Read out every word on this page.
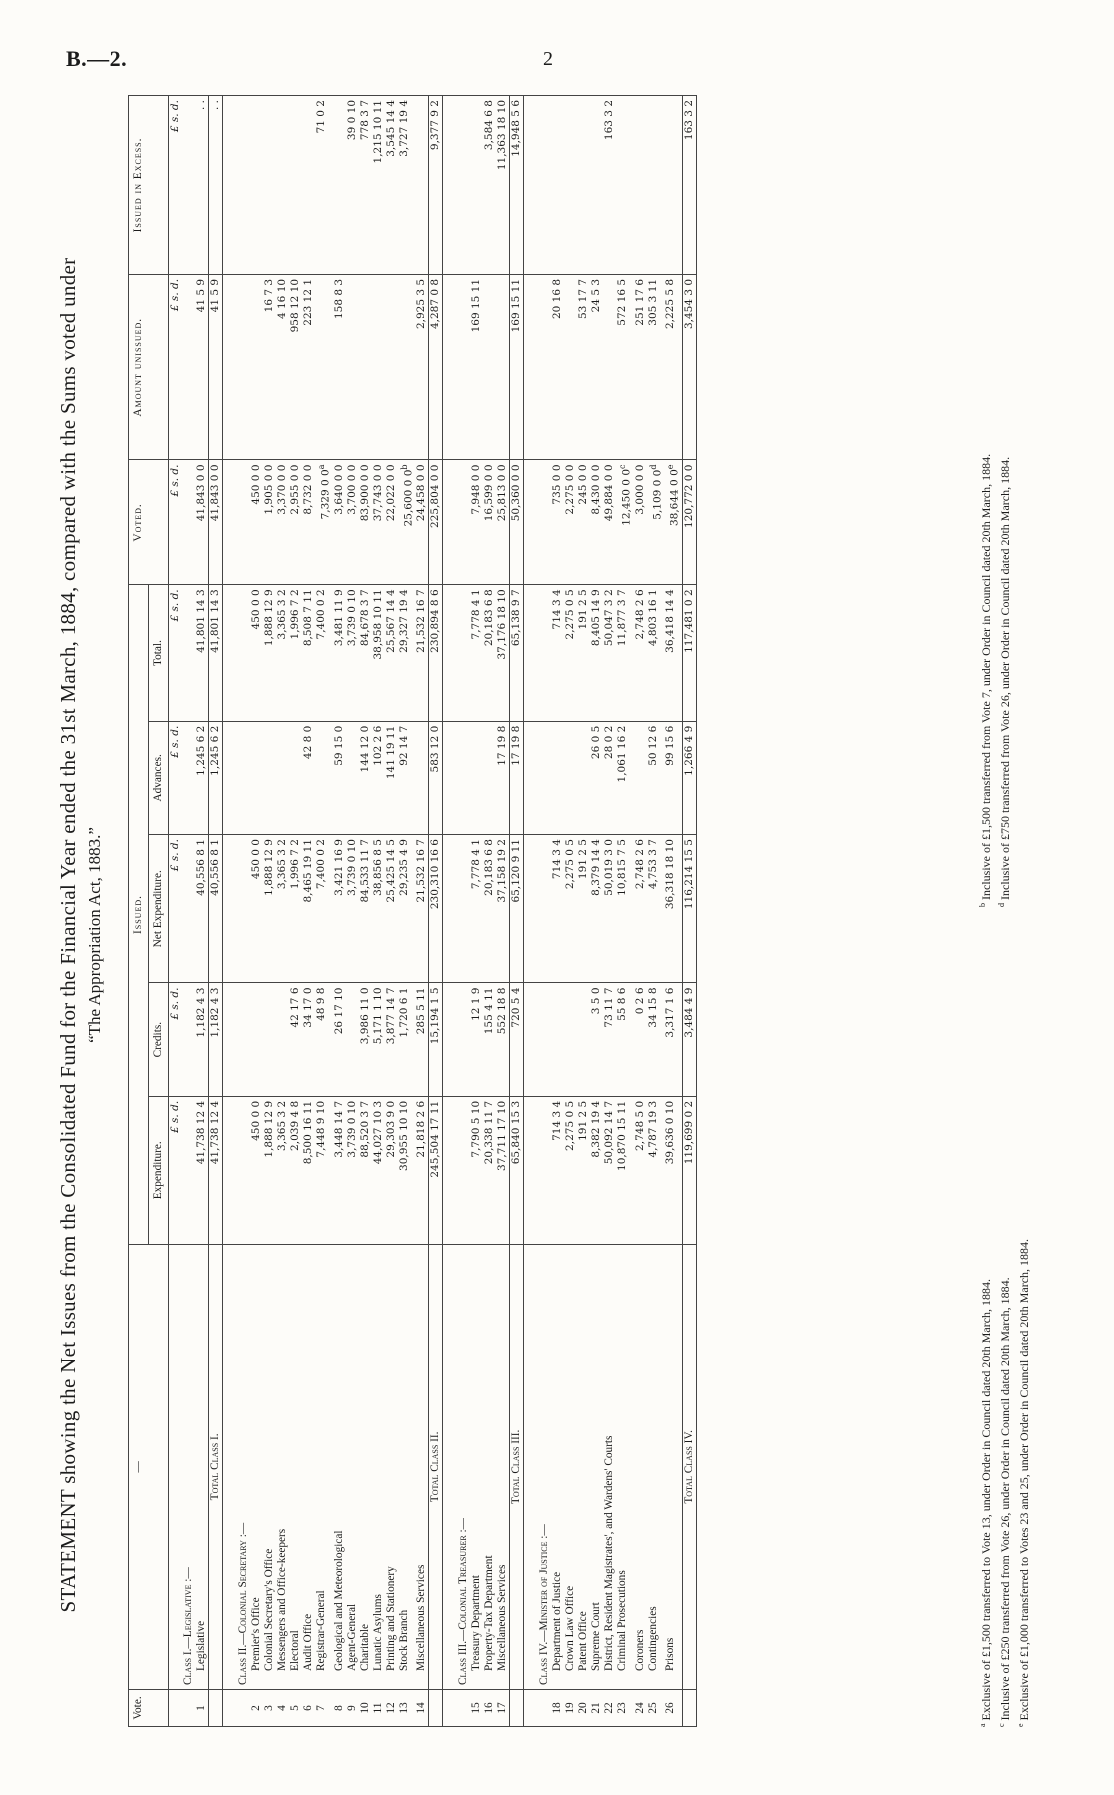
B.—2.	2
STATEMENT showing the Net Issues from the Consolidated Fund for the Financial Year ended the 31st March, 1884, compared with the Sums voted under “The Appropriation Act, 1883.”
Vote.	—	Issued.					Voted.	Amount unissued.	Issued in Excess.
		Expenditure.	Credits.	Net Expenditure.	Advances.	Total.			
		£ s. d.	£ s. d.	£ s. d.	£ s. d.	£ s. d.	£ s. d.	£ s. d.	£ s. d.
	Class I.—Legislative :—								
1	Legislative	41,738 12 4	1,182 4 3	40,556 8 1	1,245 6 2	41,801 14 3	41,843 0 0	41 5 9	. .
	Total Class I.	41,738 12 4	1,182 4 3	40,556 8 1	1,245 6 2	41,801 14 3	41,843 0 0	41 5 9	. .

	Class II.—Colonial Secretary :—								
2	Premier's Office	450 0 0		450 0 0		450 0 0	450 0 0		
3	Colonial Secretary's Office	1,888 12 9		1,888 12 9		1,888 12 9	1,905 0 0	16 7 3	
4	Messengers and Office-keepers	3,365 3 2		3,365 3 2		3,365 3 2	3,370 0 0	4 16 10	
5	Electoral	2,039 4 8	42 17 6	1,996 7 2		1,996 7 2	2,955 0 0	958 12 10	
6	Audit Office	8,500 16 11	34 17 0	8,465 19 11	42 8 0	8,508 7 11	8,732 0 0	223 12 1	
7	Registrar-General	7,448 9 10	48 9 8	7,400 0 2		7,400 0 2	7,329 0 0$^a$		71 0 2
8	Geological and Meteorological	3,448 14 7	26 17 10	3,421 16 9	59 15 0	3,481 11 9	3,640 0 0	158 8 3	
9	Agent-General	3,739 0 10		3,739 0 10		3,739 0 10	3,700 0 0		39 0 10
10	Charitable	88,520 3 7	3,986 11 0	84,533 11 7	144 12 0	84,678 3 7	83,900 0 0		778 3 7
11	Lunatic Asylums	44,027 10 3	5,171 1 10	38,856 8 5	102 2 6	38,958 10 11	37,743 0 0		1,215 10 11
12	Printing and Stationery	29,303 9 0	3,877 14 7	25,425 14 5	141 19 11	25,567 14 4	22,022 0 0		3,545 14 4
13	Stock Branch	30,955 10 10	1,720 6 1	29,235 4 9	92 14 7	29,327 19 4	25,600 0 0$^b$		3,727 19 4
14	Miscellaneous Services	21,818 2 6	285 5 11	21,532 16 7		21,532 16 7	24,458 0 0	2,925 3 5	
	Total Class II.	245,504 17 11	15,194 1 5	230,310 16 6	583 12 0	230,894 8 6	225,804 0 0	4,287 0 8	9,377 9 2

	Class III.—Colonial Treasurer :—								
15	Treasury Department	7,790 5 10	12 1 9	7,778 4 1		7,778 4 1	7,948 0 0	169 15 11	
16	Property-Tax Department	20,338 11 7	155 4 11	20,183 6 8		20,183 6 8	16,599 0 0		3,584 6 8
17	Miscellaneous Services	37,711 17 10	552 18 8	37,158 19 2	17 19 8	37,176 18 10	25,813 0 0		11,363 18 10
	Total Class III.	65,840 15 3	720 5 4	65,120 9 11	17 19 8	65,138 9 7	50,360 0 0	169 15 11	14,948 5 6

	Class IV.—Minister of Justice :—								
18	Department of Justice	714 3 4		714 3 4		714 3 4	735 0 0	20 16 8	
19	Crown Law Office	2,275 0 5		2,275 0 5		2,275 0 5	2,275 0 0		
20	Patent Office	191 2 5		191 2 5		191 2 5	245 0 0	53 17 7	
21	Supreme Court	8,382 19 4	3 5 0	8,379 14 4	26 0 5	8,405 14 9	8,430 0 0	24 5 3	
22	District, Resident Magistrates', and Wardens' Courts	50,092 14 7	73 11 7	50,019 3 0	28 0 2	50,047 3 2	49,884 0 0		163 3 2
23	Criminal Prosecutions	10,870 15 11	55 8 6	10,815 7 5	1,061 16 2	11,877 3 7	12,450 0 0$^c$	572 16 5	
24	Coroners	2,748 5 0	0 2 6	2,748 2 6		2,748 2 6	3,000 0 0	251 17 6	
25	Contingencies	4,787 19 3	34 15 8	4,753 3 7	50 12 6	4,803 16 1	5,109 0 0$^d$	305 3 11	
26	Prisons	39,636 0 10	3,317 1 6	36,318 18 10	99 15 6	36,418 14 4	38,644 0 0e	2,225 5 8	
	Total Class IV.	119,699 0 2	3,484 4 9	116,214 15 5	1,266 4 9	117,481 0 2	120,772 0 0	3,454 3 0	163 3 2
$^a$ Exclusive of £1,500 transferred to Vote 13, under Order in Council dated 20th March, 1884.
$^b$ Inclusive of £1,500 transferred from Vote 7, under Order in Council dated 20th March, 1884.
$^c$ Inclusive of £250 transferred from Vote 26, under Order in Council dated 20th March, 1884.
$^d$ Inclusive of £750 transferred from Vote 26, under Order in Council dated 20th March, 1884.
$^e$ Exclusive of £1,000 transferred to Votes 23 and 25, under Order in Council dated 20th March, 1884.
